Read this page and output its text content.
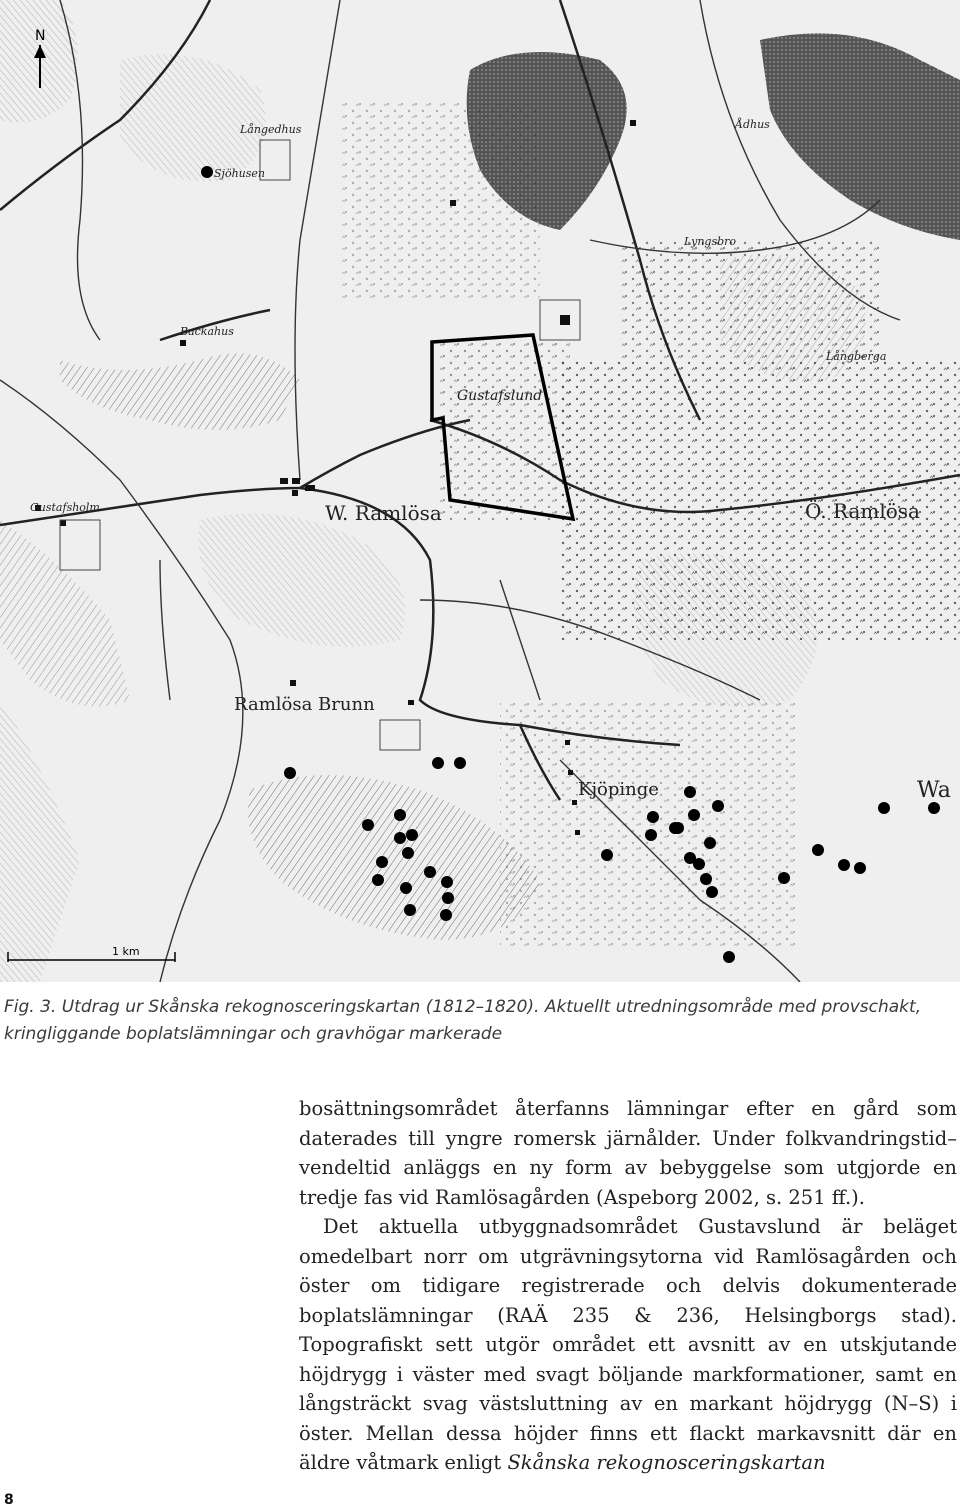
N
1 km
Långedhus
Sjöhusen
Backahus
Gustafslund
Gustafsholm	W. Ramlösa	Ö. Ramlösa
Ramlösa Brunn
Kjöpinge	Wa
Långberga
Lyngsbro
Ådhus
Fig. 3. Utdrag ur Skånska rekognosceringskartan (1812–1820). Aktuellt utredningsområde med provschakt, kringliggande boplatslämningar och gravhögar markerade

bosättningsområdet återfanns lämningar efter en gård som daterades till yngre romersk järnålder. Under folkvandringstid–vendeltid anläggs en ny form av bebyggelse som utgjorde en tredje fas vid Ramlösagården (Aspeborg 2002, s. 251 ff.).

Det aktuella utbyggnadsområdet Gustavslund är beläget omedelbart norr om utgrävningsytorna vid Ramlösagården och öster om tidigare registrerade och delvis dokumenterade boplatslämningar (RAÄ 235 & 236, Helsingborgs stad). Topografiskt sett utgör området ett avsnitt av en utskjutande höjdrygg i väster med svagt böljande markformationer, samt en långsträckt svag västsluttning av en markant höjdrygg (N–S) i öster. Mellan dessa höjder finns ett flackt markavsnitt där en äldre våtmark enligt Skånska rekognosceringskartan

8
